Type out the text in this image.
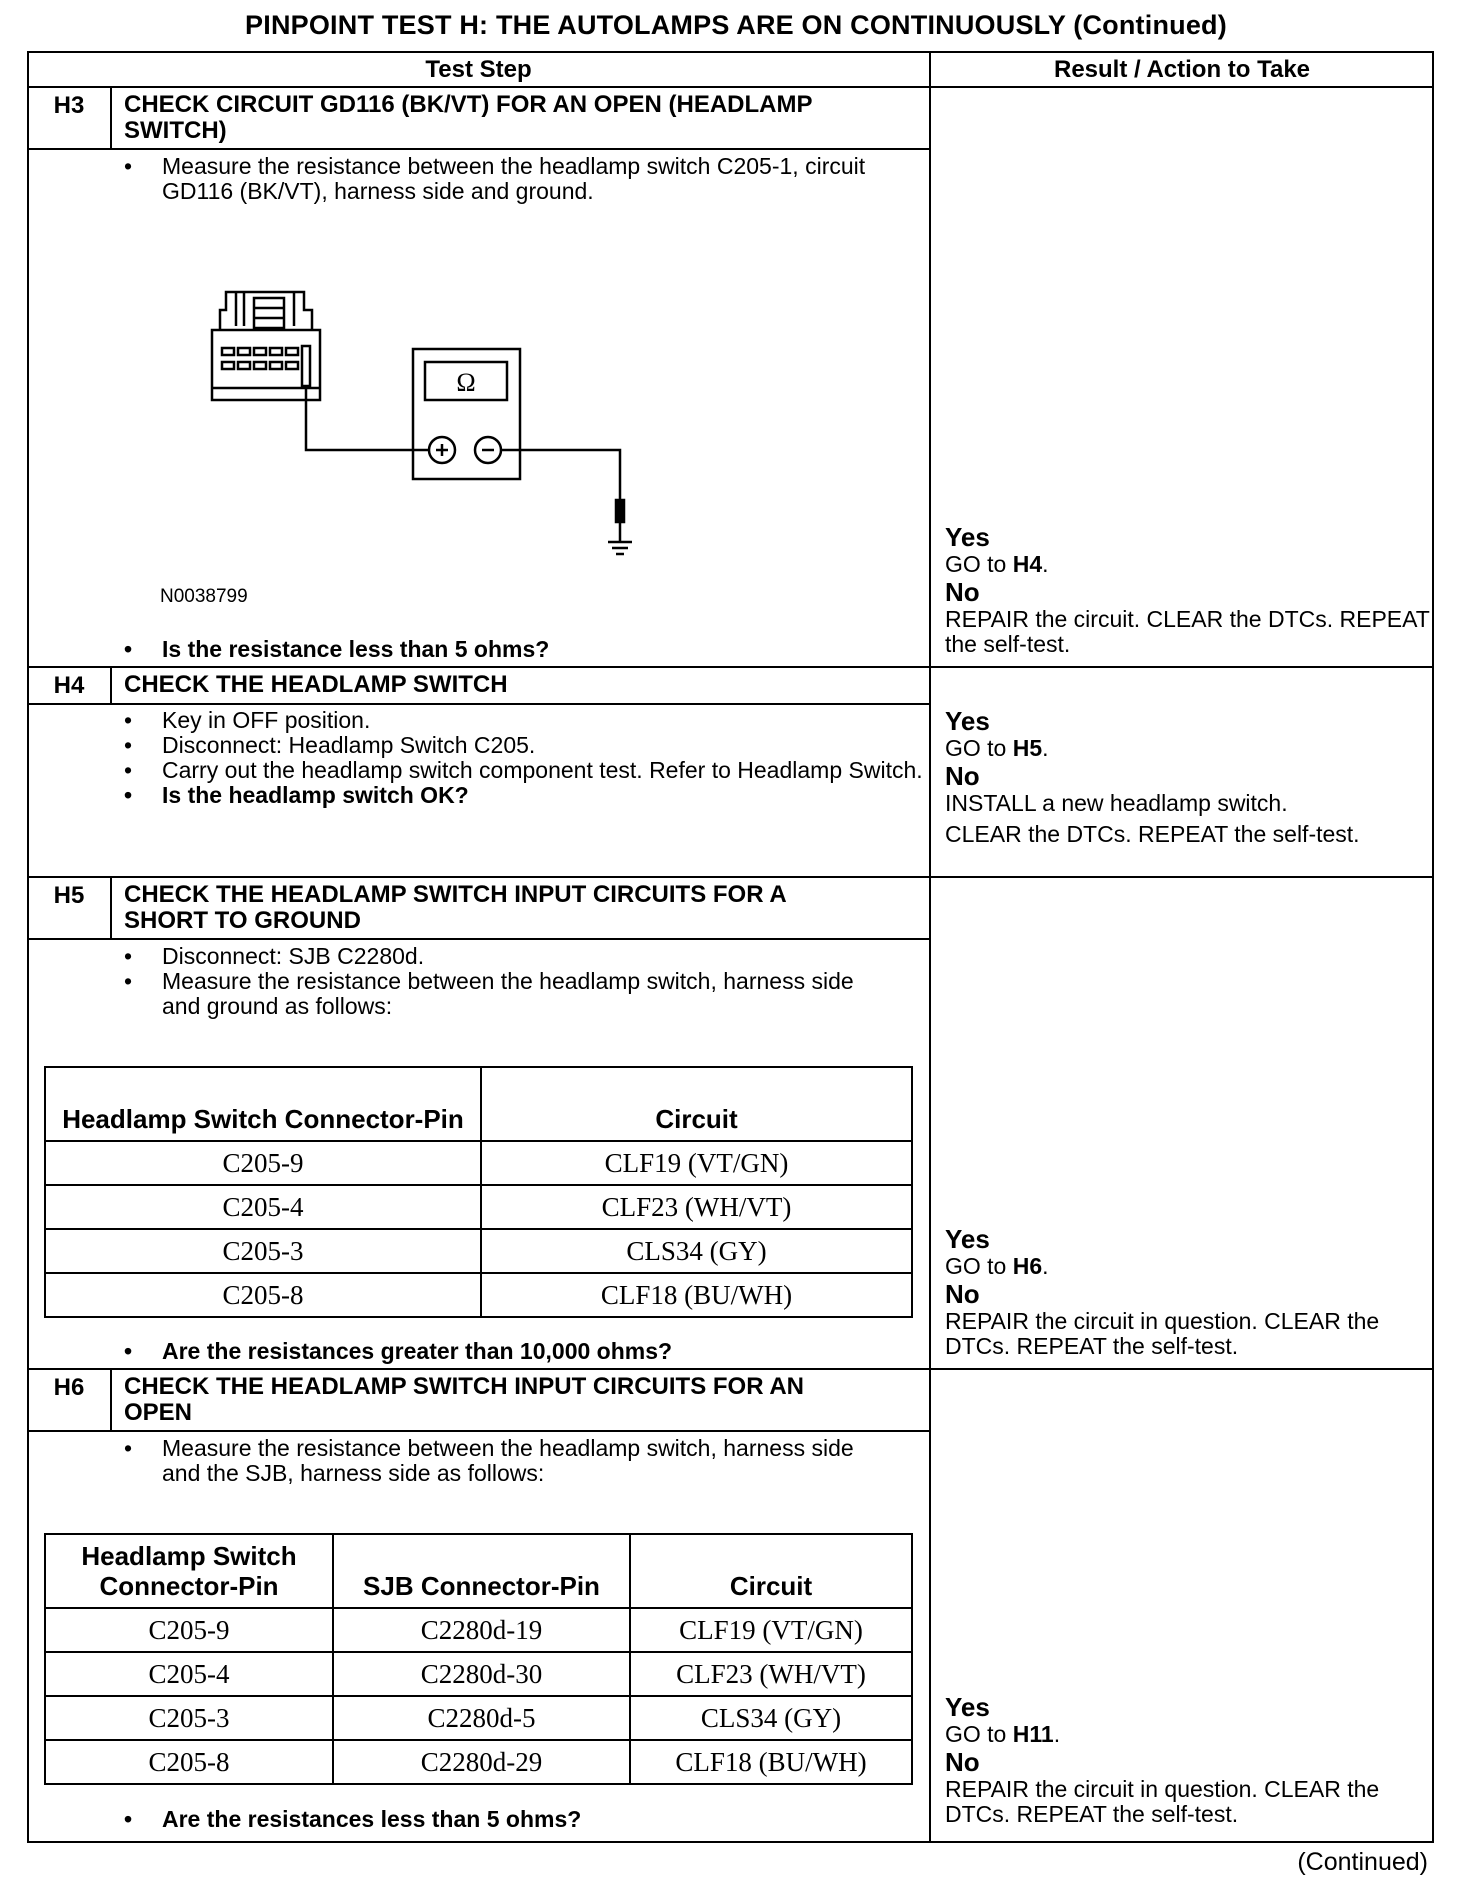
PINPOINT TEST H: THE AUTOLAMPS ARE ON CONTINUOUSLY (Continued)
Test Step	Result / Action to Take
H3	CHECK CIRCUIT GD116 (BK/VT) FOR AN OPEN (HEADLAMP SWITCH)
• Measure the resistance between the headlamp switch C205-1, circuit GD116 (BK/VT), harness side and ground.
Ω
N0038799
• Is the resistance less than 5 ohms?
Yes
GO to H4.
No
REPAIR the circuit. CLEAR the DTCs. REPEAT the self-test.
H4	CHECK THE HEADLAMP SWITCH
• Key in OFF position.
• Disconnect: Headlamp Switch C205.
• Carry out the headlamp switch component test. Refer to Headlamp Switch.
• Is the headlamp switch OK?
Yes
GO to H5.
No
INSTALL a new headlamp switch.
CLEAR the DTCs. REPEAT the self-test.
H5	CHECK THE HEADLAMP SWITCH INPUT CIRCUITS FOR A SHORT TO GROUND
• Disconnect: SJB C2280d.
• Measure the resistance between the headlamp switch, harness side and ground as follows:
Headlamp Switch Connector-Pin	Circuit
C205-9	CLF19 (VT/GN)
C205-4	CLF23 (WH/VT)
C205-3	CLS34 (GY)
C205-8	CLF18 (BU/WH)
• Are the resistances greater than 10,000 ohms?
Yes
GO to H6.
No
REPAIR the circuit in question. CLEAR the DTCs. REPEAT the self-test.
H6	CHECK THE HEADLAMP SWITCH INPUT CIRCUITS FOR AN OPEN
• Measure the resistance between the headlamp switch, harness side and the SJB, harness side as follows:
Headlamp Switch Connector-Pin	SJB Connector-Pin	Circuit
C205-9	C2280d-19	CLF19 (VT/GN)
C205-4	C2280d-30	CLF23 (WH/VT)
C205-3	C2280d-5	CLS34 (GY)
C205-8	C2280d-29	CLF18 (BU/WH)
• Are the resistances less than 5 ohms?
Yes
GO to H11.
No
REPAIR the circuit in question. CLEAR the DTCs. REPEAT the self-test.
(Continued)
